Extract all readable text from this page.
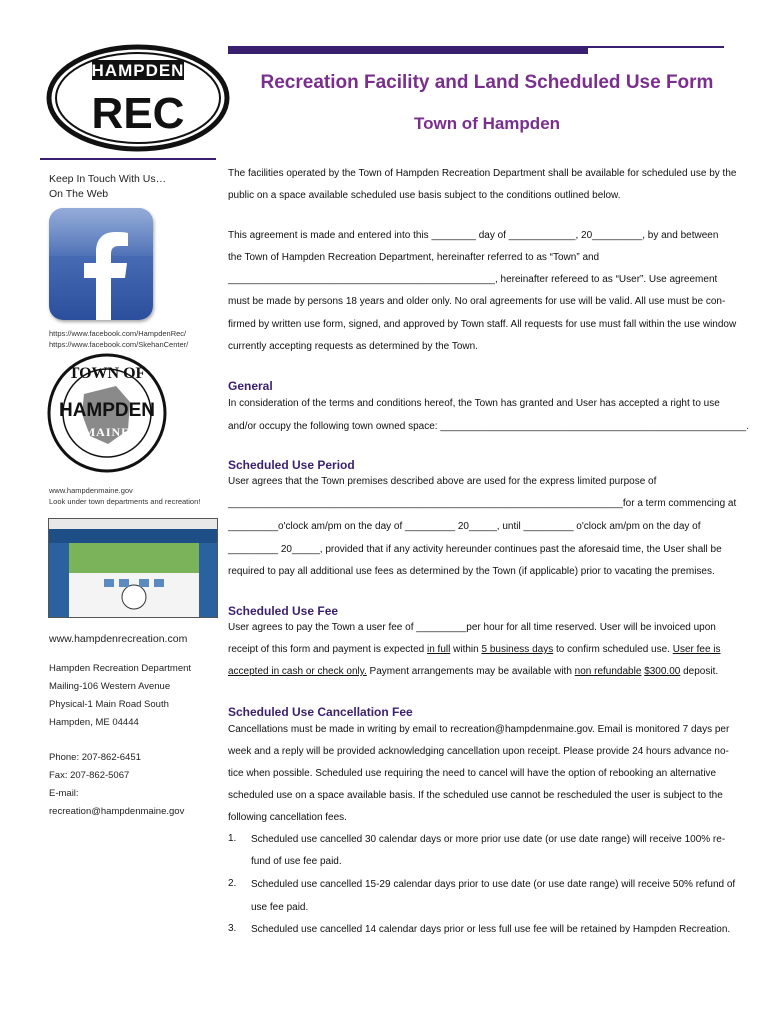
HAMPDEN
REC
Recreation Facility and Land Scheduled Use Form
Town of Hampden
Keep In Touch With Us…
On The Web
https://www.facebook.com/HampdenRec/
https://www.facebook.com/SkehanCenter/
TOWN OF
HAMPDEN
MAINE
www.hampdenmaine.gov
Look under town departments and recreation!
www.hampdenrecreation.com
Hampden Recreation Department
Mailing-106 Western Avenue
Physical-1 Main Road South
Hampden, ME 04444
Phone: 207-862-6451
Fax: 207-862-5067
E-mail:
recreation@hampdenmaine.gov
The facilities operated by the Town of Hampden Recreation Department shall be available for scheduled use by the
public on a space available scheduled use basis subject to the conditions outlined below.
This agreement is made and entered into this ________ day of ____________, 20_________, by and between
the Town of Hampden Recreation Department, hereinafter referred to as “Town” and
________________________________________________, hereinafter refereed to as “User”. Use agreement
must be made by persons 18 years and older only. No oral agreements for use will be valid. All use must be con-
firmed by written use form, signed, and approved by Town staff. All requests for use must fall within the use window
currently accepting requests as determined by the Town.
General
In consideration of the terms and conditions hereof, the Town has granted and User has accepted a right to use
and/or occupy the following town owned space: _______________________________________________________.
Scheduled Use Period
User agrees that the Town premises described above are used for the express limited purpose of
_______________________________________________________________________for a term commencing at
_________o'clock am/pm on the day of _________ 20_____, until _________ o'clock am/pm on the day of
_________ 20_____, provided that if any activity hereunder continues past the aforesaid time, the User shall be
required to pay all additional use fees as determined by the Town (if applicable) prior to vacating the premises.
Scheduled Use Fee
User agrees to pay the Town a user fee of _________per hour for all time reserved. User will be invoiced upon
receipt of this form and payment is expected in full within 5 business days to confirm scheduled use. User fee is
accepted in cash or check only. Payment arrangements may be available with non refundable $300.00 deposit.
Scheduled Use Cancellation Fee
Cancellations must be made in writing by email to recreation@hampdenmaine.gov. Email is monitored 7 days per
week and a reply will be provided acknowledging cancellation upon receipt. Please provide 24 hours advance no-
tice when possible. Scheduled use requiring the need to cancel will have the option of rebooking an alternative
scheduled use on a space available basis. If the scheduled use cannot be rescheduled the user is subject to the
following cancellation fees.
1. Scheduled use cancelled 30 calendar days or more prior use date (or use date range) will receive 100% re-
fund of use fee paid.
2. Scheduled use cancelled 15-29 calendar days prior to use date (or use date range) will receive 50% refund of
use fee paid.
3. Scheduled use cancelled 14 calendar days prior or less full use fee will be retained by Hampden Recreation.
